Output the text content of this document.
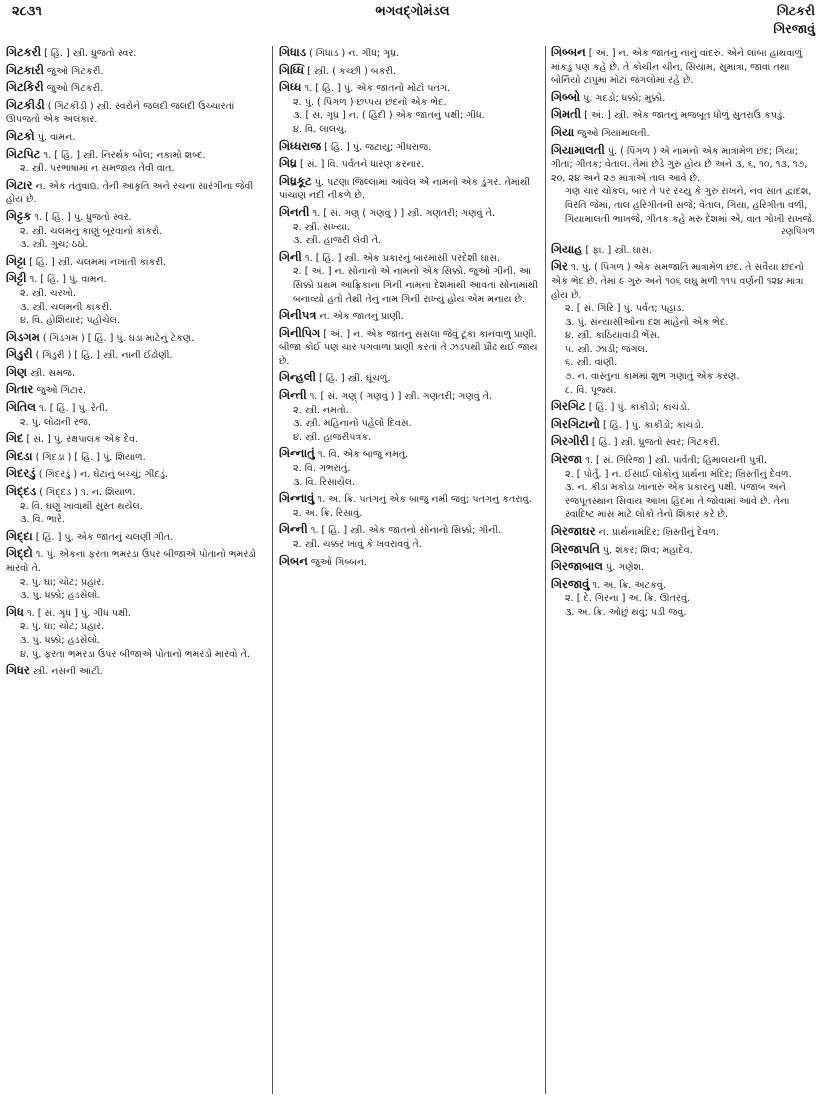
૨૮૩૧	ભગવદ્ગોમંડલ	ગિટકરી
ગિરજાવું
ગિટકરી [ હિં. ] સ્ત્રી. ધ્રુજતો સ્વર.
ગિટકારી જુઓ ગિટકરી.
ગિટકિરી જુઓ ગિટકરી.
ગિટકીડી ( ગિટકીડી ) સ્ત્રી. સ્વરોને જલદી જલદી ઉચ્ચારતાં ઊપજતો એક અલંકાર.
ગિટકો પું. વામન.
ગિટપિટ ૧. [ હિં. ] સ્ત્રી. નિરર્થક બોલ; નકામો શબ્દ.
૨. સ્ત્રી. પરભાષામાં ન સમજાય તેવી વાત.
ગિટાર ન. એક તંતુવાદ્ય. તેની આકૃતિ અને રચના સારંગીના જેવી હોય છે.
ગિટ્ટક ૧. [ હિં. ] પું. ધ્રુજતો સ્વર.
૨. સ્ત્રી. ચલમનું કાણું બૂરવાનો કાંકરો.
૩. સ્ત્રી. ગુચ; ઠઠો.
ગિટ્ટા [ હિં. ] સ્ત્રી. ચલમમાં નખાતી કાંકરી.
ગિટ્ટી ૧. [ હિં. ] પું. વામન.
૨. સ્ત્રી. ચરખો.
૩. સ્ત્રી. ચલમની કાંકરી.
૪. વિ. હોશિયાર; પહોંચેલ.
ગિડગમ ( ગિડગમ ) [ હિં. ] પું. ઘડા માટેનું ટેકણ.
ગિડુરી ( ગિડુરી ) [ હિં. ] સ્ત્રી. નાની ઈંઢોણી.
ગિણ સ્ત્રી. સમજ.
ગિતાર જુઓ ગિટાર.
ગિતિલ ૧. [ હિં. ] પું. રેતી.
૨. પું. લોઢાની રજ.
ગિદ [ સં. ] પું. રક્ષપાલક એક દેવ.
ગિદડા ( ગિદડા ) [ હિં. ] પું. શિયાળ.
ગિદરડું ( ગિદરડું ) ન. ઘેટાંનું બચ્ચું; ગીદડું.
ગિદ્દડ ( ગિદ્દડ ) ૧. ન. શિયાળ.
૨. વિ. ઘણું ખાવાથી સુસ્ત થયેલ.
૩. વિ. ભારે.
ગિદ્દા [ હિં. ] પું. એક જાતનું ચલણી ગીત.
ગિદ્દો ૧. પું. એકના ફરતા ભમરડા ઉપર બીજાએ પોતાનો ભમરડો મારવો તે.
૨. પું. ઘા; ચોટ; પ્રહાર.
૩. પું. ધક્કો; હડસેલો.
ગિધ ૧. [ સં. ગૃધ ] પું. ગીધ પક્ષી.
૨. પું. ઘા; ચોટ; પ્રહાર.
૩. પું. ધક્કો; હડસેલો.
૪. પું. ફરતા ભમરડા ઉપર બીજાએ પોતાનો ભમરડો મારવો તે.
ગિધર સ્ત્રી. નસની આંટી.
ગિધાડ ( ગિધાડ ) ન. ગીધ; ગૃધ્ર.
ગિધ્ધિ [ સ્ત્રી. ( કચ્છી ) બકરી.
ગિધ્ધ ૧. [ હિં. ] પું. એક જાતનો મોટો પતંગ.
૨. પું. ( પિંગળ ) છપ્પય છંદનો એક ભેદ.
૩. [ સં. ગૃધ્ર ] ન. ( હિંદી ) એક જાતનું પક્ષી; ગીધ.
૪. વિ. લાલચુ.
ગિધ્ધરાજ [ હિં. ] પું. જટાયુ; ગીધરાજ.
ગિધ્ર [ સં. ] વિ. પર્વતને ધારણ કરનાર.
ગિધ્રકૂટ પું. પટણા જિલ્લામાં આવેલ એ નામનો એક ડુંગર. તેમાંથી પાંચાણ નદી નીકળે છે.
ગિનતી ૧. [ સં. ગણ્ ( ગણવું ) ] સ્ત્રી. ગણતરી; ગણવું તે.
૨. સ્ત્રી. સંખ્યા.
૩. સ્ત્રી. હાજરી લેવી તે.
ગિની ૧. [ હિં. ] સ્ત્રી. એક પ્રકારનું બારમાસી પરદેશી ઘાસ.
૨. [ અં. ] ન. સોનાનો એ નામનો એક સિક્કો. જુઓ ગીની. આ સિક્કો પ્રથમ આફ્રિકાના ગિની નામના દેશમાંથી આવતા સોનામાંથી બનાવ્યો હતો તેથી તેનું નામ ગિની રાખ્યું હોય એમ મનાય છે.
ગિનીપત્ર ન. એક જાતનું પ્રાણી.
ગિનીપિગ [ અં. ] ન. એક જાતનું સસલા જેવું ટૂંકા કાનવાળું પ્રાણી. બીજા કોઈ પણ ચાર પગવાળાં પ્રાણી કરતાં તે ઝડપથી પ્રૌઢ થઈ જાય છે.
ગિન્હલી [ હિં. ] સ્ત્રી. ઘૂંચળું.
ગિન્તી ૧. [ સં. ગણ્ ( ગણવું ) ] સ્ત્રી. ગણતરી; ગણવું તે.
૨. સ્ત્રી. નમતો.
૩. સ્ત્રી. મહિનાનો પહેલો દિવસ.
૪. સ્ત્રી. હાજરીપત્રક.
ગિન્નાતું ૧. વિ. એક બાજુ નમતું.
૨. વિ. ગભરાતું.
૩. વિ. રિસાયેલ.
ગિન્નાવું ૧. અ. ક્રિ. પતંગનું એક બાજુ નમી જવું; પતંગનું કતરાવું.
૨. અ. ક્રિ. રિસાવું.
ગિન્ની ૧. [ હિં. ] સ્ત્રી. એક જાતનો સોનાનો સિક્કો; ગીની.
૨. સ્ત્રી. ચક્કર ખાવું કે ખવરાવવું તે.
ગિબન જુઓ ગિબ્બન.
ગિબ્બન [ અં. ] ન. એક જાતનું નાનું વાંદરું. એને લાંબા હાથવાળું માંકડું પણ કહે છે. તે કોચીન ચીન, સિયામ, સુમાત્રા, જાવા તથા બોર્નિયો ટાપુમાં મોટાં જંગલોમાં રહે છે.
ગિબ્બો પું. ગદડો; ધક્કો; મુક્કો.
ગિમતી [ અં. ] સ્ત્રી. એક જાતનું મજબૂત ધોળું સુતરાઉ કપડું.
ગિયા જુઓ ગિયામાલતી.
ગિયામાલતી પું. ( પિંગળ ) એ નામનો એક માત્રામેળ છંદ; ગિયા; ગીતા; ગીતક; વેતાલ. તેમાં છેડે ગુરુ હોય છે અને ૩, ૬, ૧૦, ૧૩, ૧૭, ૨૦, ૨૪ અને ૨૭ માત્રાએ તાલ આવે છે.
ગણ ચાર ચોકલ, બાર તે પર રચ્યુ કે ગુરુ રાખને, નવ સાત દ્વાદશ, વિરતિ જેમાં, તાલ હરિગીતની સજે; વેતાલ, ગિયા, હરિગીતા વળી, ગિયામાલતી ભાખજે, ગીતક કહે મરુ દેશમાં એ, વાત ગોખી રાખજે.
રણપિંગળ
ગિયાહ [ ફા. ] સ્ત્રી. ઘાસ.
ગિર ૧. પું. ( પિંગળ ) એક સમજાતિ માત્રામેળ છંદ. તે સવૈયા છંદનો એક ભેદ છે. તેમાં ૯ ગુરુ અને ૧૦૬ લઘુ મળી ૧૧૫ વર્ણની ૧૨૪ માત્રા હોય છે.
૨. [ સં. ગિરિ ] પું. પર્વત; પહાડ.
૩. પું. સંન્યાસીઓના દશ માંહેનો એક ભેદ.
૪. સ્ત્રી. કાઠિયાવાડી ભેંસ.
૫. સ્ત્રી. ઝાડી; જંગલ.
૬. સ્ત્રી. વાણી.
૭. ન. વાસ્તુના કામમાં શુભ ગણાતું એક કરણ.
૮. વિ. પૂજ્ય.
ગિરગિટ [ હિં. ] પું. કાકીડો; કાચંડો.
ગિરગિટાનો [ હિં. ] પું. કાકીડો; કાચંડો.
ગિરગીરી [ હિં. ] સ્ત્રી. ધ્રુજતો સ્વર; ગિટકરી.
ગિરજા ૧. [ સં. ગિરિજા ] સ્ત્રી. પાર્વતી; હિમાલયની પુત્રી.
૨. [ પોર્તુ. ] ન. ઈસાઈ લોકોનું પ્રાર્થના મંદિર; ખ્રિસ્તીનું દેવળ.
૩. ન. કીડા મકોડા ખાનારું એક પ્રકારનું પક્ષી. પંજાબ અને રજપૂતસ્થાન સિવાય આખા હિંદમાં તે જોવામાં આવે છે. તેના સ્વાદિષ્ટ માંસ માટે લોકો તેનો શિકાર કરે છે.
ગિરજાઘર ન. પ્રાર્થનામંદિર; ખ્રિસ્તીનું દેવળ.
ગિરજાપતિ પું. શંકર; શિવ; મહાદેવ.
ગિરજાબાલ પું. ગણેશ.
ગિરજાવું ૧. અ. ક્રિ. અટકવું.
૨. [ દે. ગિરના ] અ. ક્રિ. ઊતરવું.
૩. અ. ક્રિ. ઓછું થવું; પડી જવું.
